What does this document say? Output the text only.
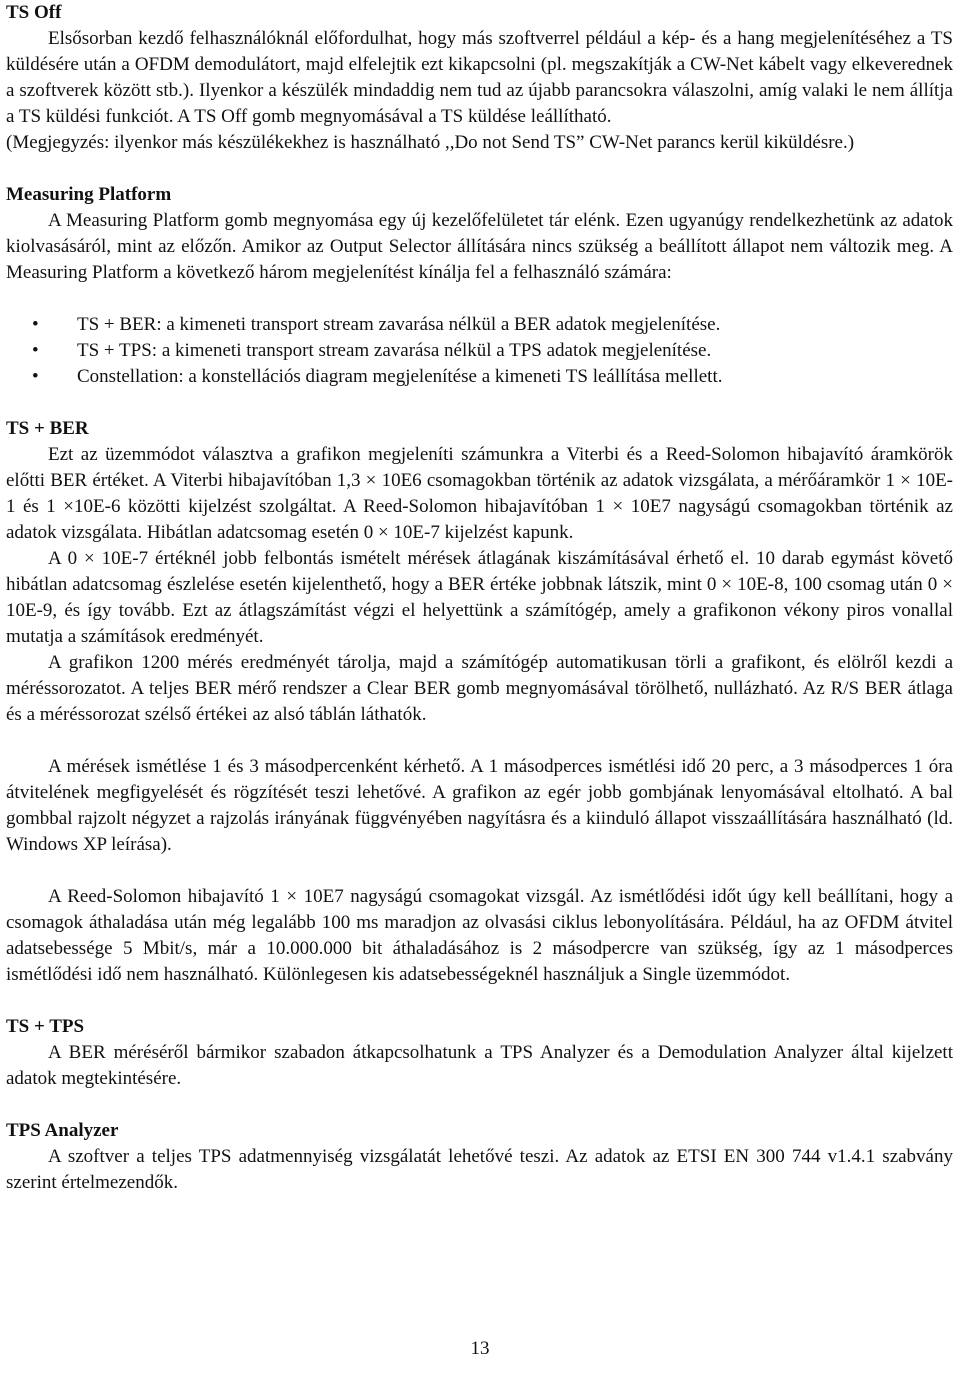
TS Off

Elsősorban kezdő felhasználóknál előfordulhat, hogy más szoftverrel például a kép- és a hang megjelenítéséhez a TS küldésére után a OFDM demodulátort, majd elfelejtik ezt kikapcsolni (pl. megszakítják a CW-Net kábelt vagy elkeverednek a szoftverek között stb.). Ilyenkor a készülék mindaddig nem tud az újabb parancsokra válaszolni, amíg valaki le nem állítja a TS küldési funkciót. A TS Off gomb megnyomásával a TS küldése leállítható.

(Megjegyzés: ilyenkor más készülékekhez is használható ,,Do not Send TS” CW-Net parancs kerül kiküldésre.)

Measuring Platform

A Measuring Platform gomb megnyomása egy új kezelőfelületet tár elénk. Ezen ugyanúgy rendelkezhetünk az adatok kiolvasásáról, mint az előzőn. Amikor az Output Selector állítására nincs szükség a beállított állapot nem változik meg. A Measuring Platform a következő három megjelenítést kínálja fel a felhasználó számára:

• TS + BER: a kimeneti transport stream zavarása nélkül a BER adatok megjelenítése.
• TS + TPS: a kimeneti transport stream zavarása nélkül a TPS adatok megjelenítése.
• Constellation: a konstellációs diagram megjelenítése a kimeneti TS leállítása mellett.
TS + BER

Ezt az üzemmódot választva a grafikon megjeleníti számunkra a Viterbi és a Reed-Solomon hibajavító áramkörök előtti BER értéket. A Viterbi hibajavítóban 1,3 × 10E6 csomagokban történik az adatok vizsgálata, a mérőáramkör 1 × 10E-1 és 1 ×10E-6 közötti kijelzést szolgáltat. A Reed-Solomon hibajavítóban 1 × 10E7 nagyságú csomagokban történik az adatok vizsgálata. Hibátlan adatcsomag esetén 0 × 10E-7 kijelzést kapunk.

A 0 × 10E-7 értéknél jobb felbontás ismételt mérések átlagának kiszámításával érhető el. 10 darab egymást követő hibátlan adatcsomag észlelése esetén kijelenthető, hogy a BER értéke jobbnak látszik, mint 0 × 10E-8, 100 csomag után 0 × 10E-9, és így tovább. Ezt az átlagszámítást végzi el helyettünk a számítógép, amely a grafikonon vékony piros vonallal mutatja a számítások eredményét.

A grafikon 1200 mérés eredményét tárolja, majd a számítógép automatikusan törli a grafikont, és elölről kezdi a méréssorozatot. A teljes BER mérő rendszer a Clear BER gomb megnyomásával törölhető, nullázható. Az R/S BER átlaga és a méréssorozat szélső értékei az alsó táblán láthatók.

A mérések ismétlése 1 és 3 másodpercenként kérhető. A 1 másodperces ismétlési idő 20 perc, a 3 másodperces 1 óra átvitelének megfigyelését és rögzítését teszi lehetővé. A grafikon az egér jobb gombjának lenyomásával eltolható. A bal gombbal rajzolt négyzet a rajzolás irányának függvényében nagyításra és a kiinduló állapot visszaállítására használható (ld. Windows XP leírása).

A Reed-Solomon hibajavító 1 × 10E7 nagyságú csomagokat vizsgál. Az ismétlődési időt úgy kell beállítani, hogy a csomagok áthaladása után még legalább 100 ms maradjon az olvasási ciklus lebonyolítására. Például, ha az OFDM átvitel adatsebessége 5 Mbit/s, már a 10.000.000 bit áthaladásához is 2 másodpercre van szükség, így az 1 másodperces ismétlődési idő nem használható. Különlegesen kis adatsebességeknél használjuk a Single üzemmódot.

TS + TPS

A BER méréséről bármikor szabadon átkapcsolhatunk a TPS Analyzer és a Demodulation Analyzer által kijelzett adatok megtekintésére.

TPS Analyzer

A szoftver a teljes TPS adatmennyiség vizsgálatát lehetővé teszi. Az adatok az ETSI EN 300 744 v1.4.1 szabvány szerint értelmezendők.

13
